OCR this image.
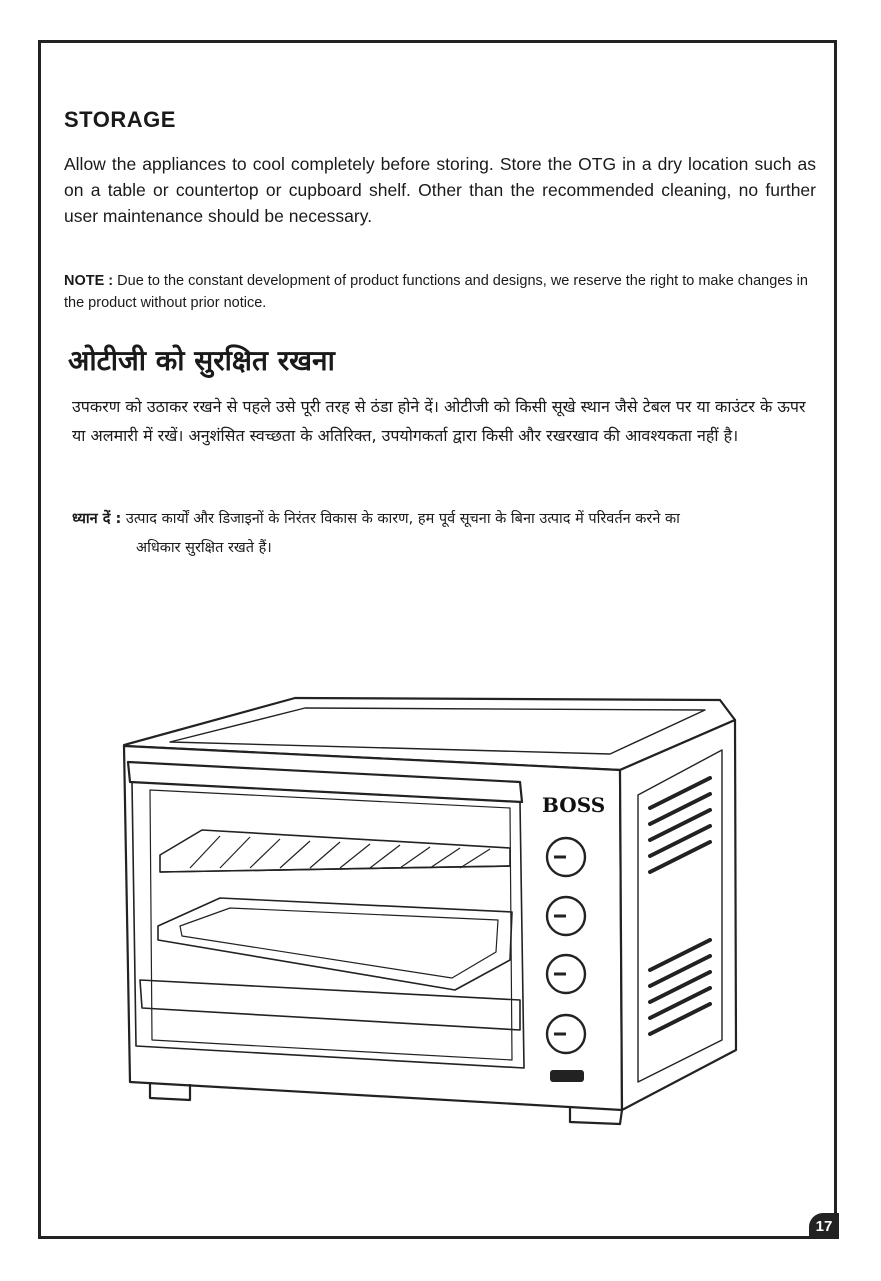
STORAGE
Allow the appliances to cool completely before storing. Store the OTG in a dry location such as on a table or countertop or cupboard shelf. Other than the recommended cleaning, no further user maintenance should be necessary.
NOTE : Due to the constant development of product functions and designs, we reserve the right to make changes in the product without prior notice.
ओटीजी को सुरक्षित रखना
उपकरण को उठाकर रखने से पहले उसे पूरी तरह से ठंडा होने दें। ओटीजी को किसी सूखे स्थान जैसे टेबल पर या काउंटर के ऊपर या अलमारी में रखें। अनुशंसित स्वच्छता के अतिरिक्त, उपयोगकर्ता द्वारा किसी और रखरखाव की आवश्यकता नहीं है।
ध्यान दें : उत्पाद कार्यों और डिजाइनों के निरंतर विकास के कारण, हम पूर्व सूचना के बिना उत्पाद में परिवर्तन करने का
अधिकार सुरक्षित रखते हैं।
BOSS
17
